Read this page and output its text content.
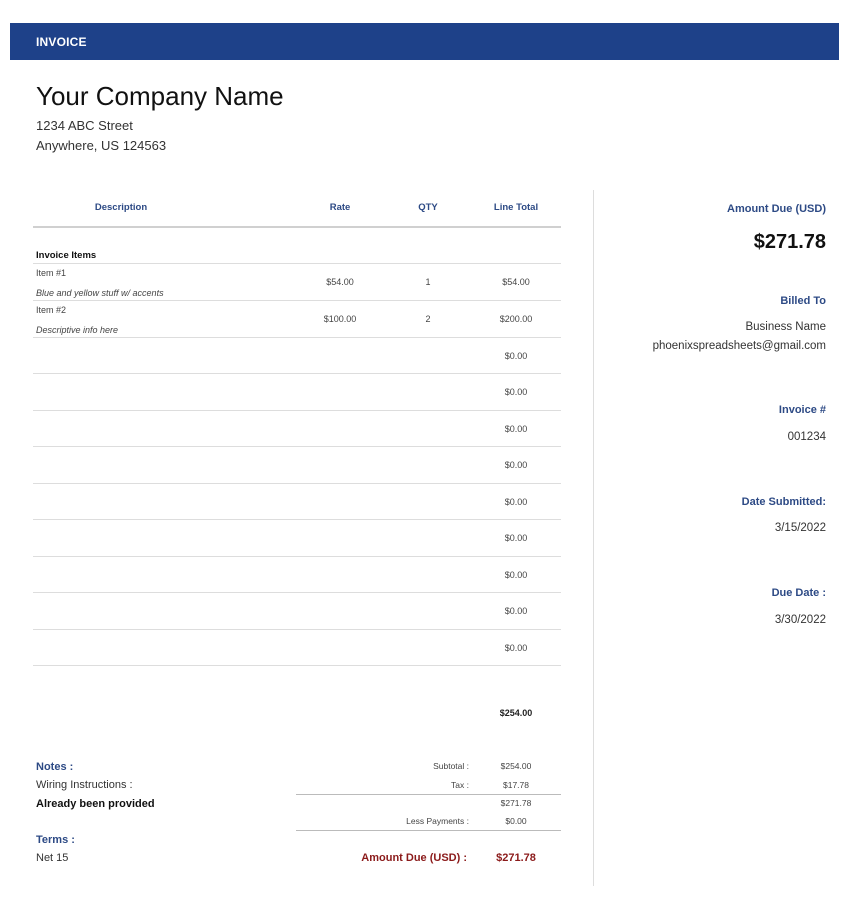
INVOICE
Your Company Name
1234 ABC Street
Anywhere, US 124563
Description	Rate	QTY	Line Total
Invoice Items
Item #1
Blue and yellow stuff w/ accents
$54.00	1	$54.00
Item #2
Descriptive info here
$100.00	2	$200.00
$0.00
$0.00
$0.00
$0.00
$0.00
$0.00
$0.00
$0.00
$0.00
$254.00
Notes :
Wiring Instructions :
Already been provided
Terms :
Net 15
Subtotal :	$254.00
Tax :	$17.78
$271.78
Less Payments :	$0.00
Amount Due (USD) :	$271.78
Amount Due (USD)
$271.78
Billed To
Business Name
phoenixspreadsheets@gmail.com
Invoice #
001234
Date Submitted:
3/15/2022
Due Date :
3/30/2022
